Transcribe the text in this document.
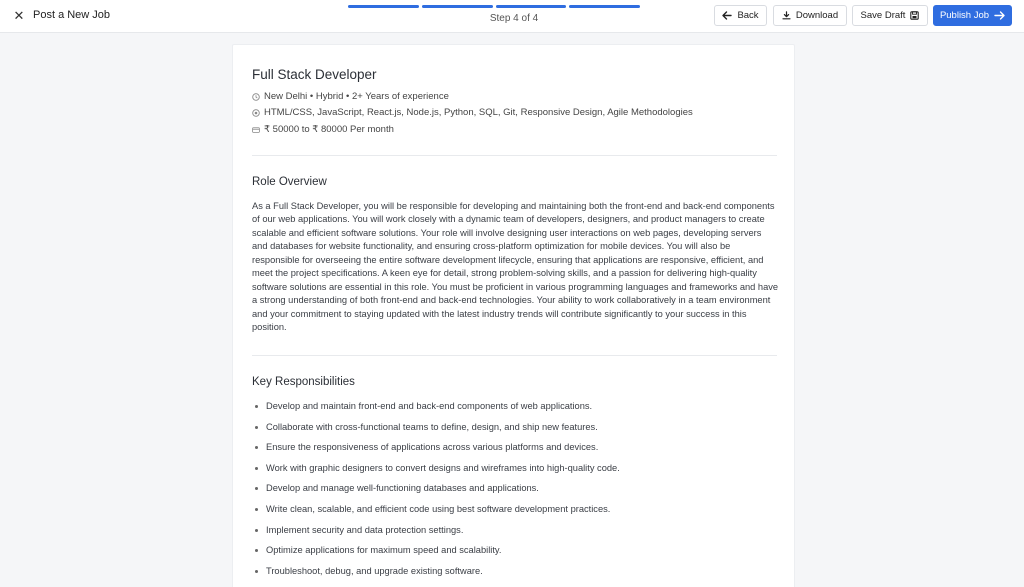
✕ Post a New Job	Step 4 of 4	Back	Download Save Draft	Publish Job
Full Stack Developer
New Delhi • Hybrid • 2+ Years of experience
HTML/CSS, JavaScript, React.js, Node.js, Python, SQL, Git, Responsive Design, Agile Methodologies
₹ 50000 to ₹ 80000 Per month
Role Overview

As a Full Stack Developer, you will be responsible for developing and maintaining both the front-end and back-end components of our web applications. You will work closely with a dynamic team of developers, designers, and product managers to create scalable and efficient software solutions. Your role will involve designing user interactions on web pages, developing servers and databases for website functionality, and ensuring cross-platform optimization for mobile devices. You will also be responsible for overseeing the entire software development lifecycle, ensuring that applications are responsive, efficient, and meet the project specifications. A keen eye for detail, strong problem-solving skills, and a passion for delivering high-quality software solutions are essential in this role. You must be proficient in various programming languages and frameworks and have a strong understanding of both front-end and back-end technologies. Your ability to work collaboratively in a team environment and your commitment to staying updated with the latest industry trends will contribute significantly to your success in this position.

Key Responsibilities
Develop and maintain front-end and back-end components of web applications.
Collaborate with cross-functional teams to define, design, and ship new features.
Ensure the responsiveness of applications across various platforms and devices.
Work with graphic designers to convert designs and wireframes into high-quality code.
Develop and manage well-functioning databases and applications.
Write clean, scalable, and efficient code using best software development practices.
Implement security and data protection settings.
Optimize applications for maximum speed and scalability.
Troubleshoot, debug, and upgrade existing software.
